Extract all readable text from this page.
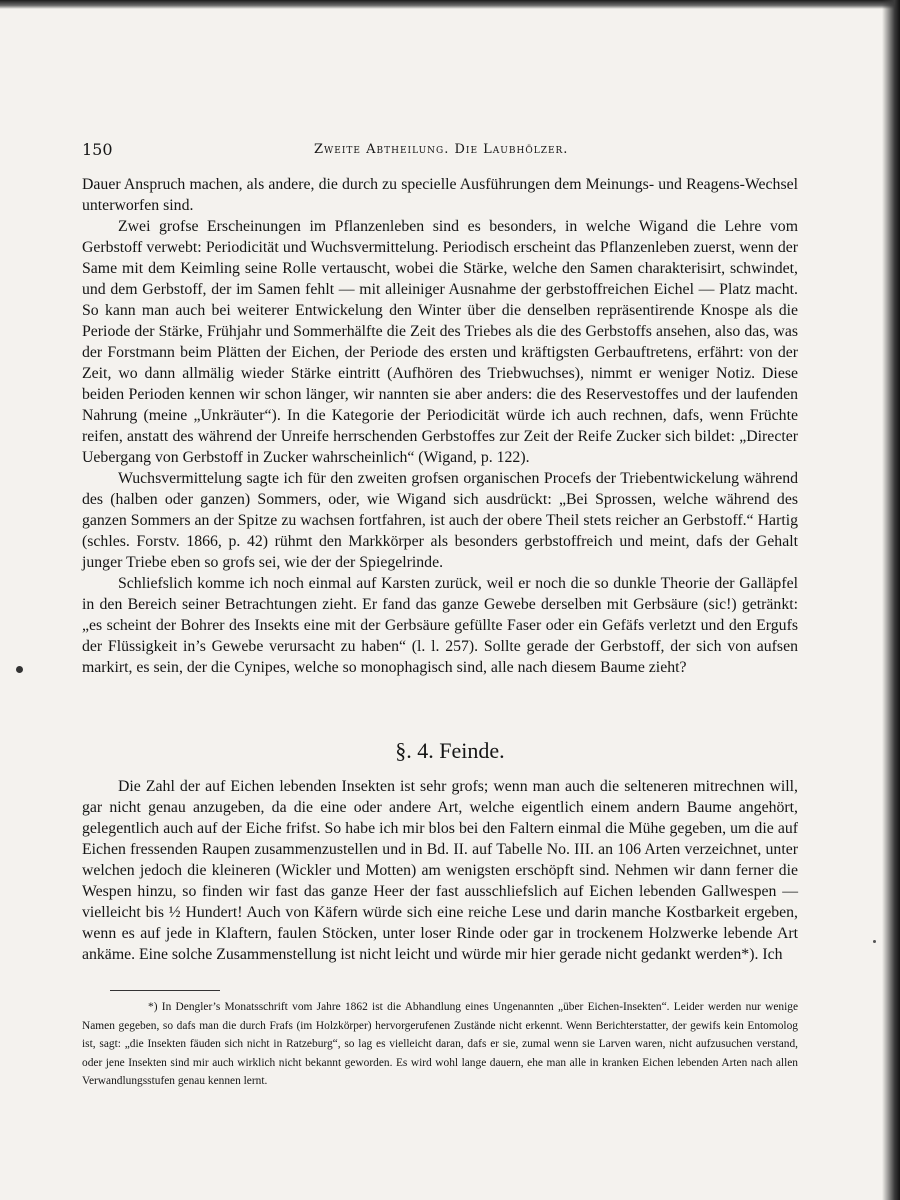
150	Zweite Abtheilung. Die Laubhölzer.

Dauer Anspruch machen, als andere, die durch zu specielle Ausführungen dem Meinungs- und Reagens-Wechsel unterworfen sind.

Zwei grofse Erscheinungen im Pflanzenleben sind es besonders, in welche Wigand die Lehre vom Gerbstoff verwebt: Periodicität und Wuchsvermittelung. Periodisch erscheint das Pflanzenleben zuerst, wenn der Same mit dem Keimling seine Rolle vertauscht, wobei die Stärke, welche den Samen charakterisirt, schwindet, und dem Gerbstoff, der im Samen fehlt — mit alleiniger Ausnahme der gerbstoffreichen Eichel — Platz macht. So kann man auch bei weiterer Entwickelung den Winter über die denselben repräsentirende Knospe als die Periode der Stärke, Frühjahr und Sommerhälfte die Zeit des Triebes als die des Gerbstoffs ansehen, also das, was der Forstmann beim Plätten der Eichen, der Periode des ersten und kräftigsten Gerbauftretens, erfährt: von der Zeit, wo dann allmälig wieder Stärke eintritt (Aufhören des Triebwuchses), nimmt er weniger Notiz. Diese beiden Perioden kennen wir schon länger, wir nannten sie aber anders: die des Reservestoffes und der laufenden Nahrung (meine „Unkräuter“). In die Kategorie der Periodicität würde ich auch rechnen, dafs, wenn Früchte reifen, anstatt des während der Unreife herrschenden Gerbstoffes zur Zeit der Reife Zucker sich bildet: „Directer Uebergang von Gerbstoff in Zucker wahrscheinlich“ (Wigand, p. 122).

Wuchsvermittelung sagte ich für den zweiten grofsen organischen Procefs der Triebentwickelung während des (halben oder ganzen) Sommers, oder, wie Wigand sich ausdrückt: „Bei Sprossen, welche während des ganzen Sommers an der Spitze zu wachsen fortfahren, ist auch der obere Theil stets reicher an Gerbstoff.“ Hartig (schles. Forstv. 1866, p. 42) rühmt den Markkörper als besonders gerbstoffreich und meint, dafs der Gehalt junger Triebe eben so grofs sei, wie der der Spiegelrinde.

Schliefslich komme ich noch einmal auf Karsten zurück, weil er noch die so dunkle Theorie der Galläpfel in den Bereich seiner Betrachtungen zieht. Er fand das ganze Gewebe derselben mit Gerbsäure (sic!) getränkt: „es scheint der Bohrer des Insekts eine mit der Gerbsäure gefüllte Faser oder ein Gefäfs verletzt und den Ergufs der Flüssigkeit in’s Gewebe verursacht zu haben“ (l. l. 257). Sollte gerade der Gerbstoff, der sich von aufsen markirt, es sein, der die Cynipes, welche so monophagisch sind, alle nach diesem Baume zieht?

§. 4. Feinde.

Die Zahl der auf Eichen lebenden Insekten ist sehr grofs; wenn man auch die selteneren mitrechnen will, gar nicht genau anzugeben, da die eine oder andere Art, welche eigentlich einem andern Baume angehört, gelegentlich auch auf der Eiche frifst. So habe ich mir blos bei den Faltern einmal die Mühe gegeben, um die auf Eichen fressenden Raupen zusammenzustellen und in Bd. II. auf Tabelle No. III. an 106 Arten verzeichnet, unter welchen jedoch die kleineren (Wickler und Motten) am wenigsten erschöpft sind. Nehmen wir dann ferner die Wespen hinzu, so finden wir fast das ganze Heer der fast ausschliefslich auf Eichen lebenden Gallwespen — vielleicht bis ½ Hundert! Auch von Käfern würde sich eine reiche Lese und darin manche Kostbarkeit ergeben, wenn es auf jede in Klaftern, faulen Stöcken, unter loser Rinde oder gar in trockenem Holzwerke lebende Art ankäme. Eine solche Zusammenstellung ist nicht leicht und würde mir hier gerade nicht gedankt werden*). Ich

*) In Dengler’s Monatsschrift vom Jahre 1862 ist die Abhandlung eines Ungenannten „über Eichen-Insekten“. Leider werden nur wenige Namen gegeben, so dafs man die durch Frafs (im Holzkörper) hervorgerufenen Zustände nicht erkennt. Wenn Berichterstatter, der gewifs kein Entomolog ist, sagt: „die Insekten fäuden sich nicht in Ratzeburg“, so lag es vielleicht daran, dafs er sie, zumal wenn sie Larven waren, nicht aufzusuchen verstand, oder jene Insekten sind mir auch wirklich nicht bekannt geworden. Es wird wohl lange dauern, ehe man alle in kranken Eichen lebenden Arten nach allen Verwandlungsstufen genau kennen lernt.
